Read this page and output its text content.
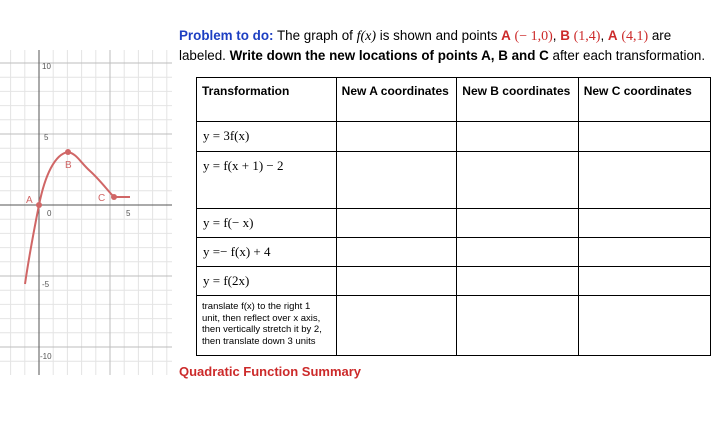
10
5
0	5
-5
-10
A
B
C
Problem to do: The graph of f(x) is shown and points A (− 1,0), B (1,4), A (4,1) are
labeled. Write down the new locations of points A, B and C after each transformation.
Transformation	New A coordinates	New B coordinates	New C coordinates
y = 3f(x)			
y = f(x + 1) − 2			
y = f(− x)			
y =− f(x) + 4			
y = f(2x)			
translate f(x) to the right 1 unit, then reflect over x axis, then vertically stretch it by 2, then translate down 3 units			
Quadratic Function Summary
